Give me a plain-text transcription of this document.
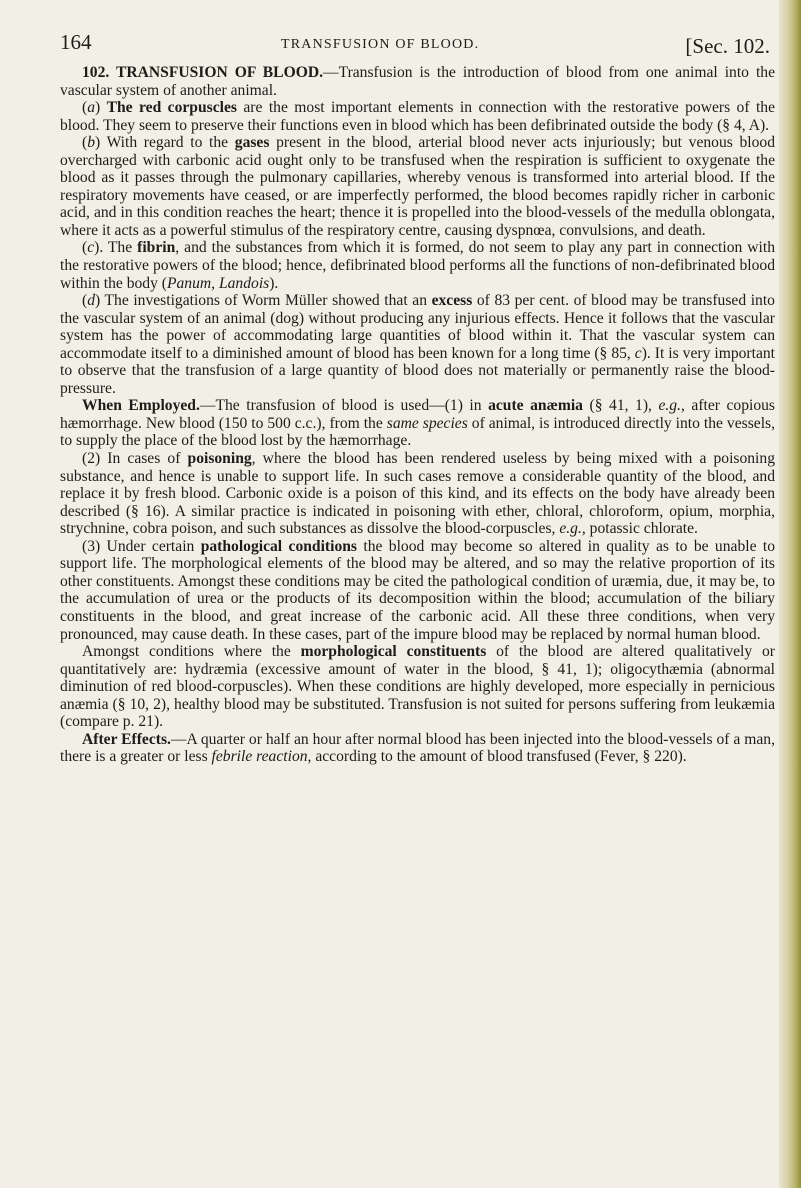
164	TRANSFUSION OF BLOOD.	[Sec. 102.

102. TRANSFUSION OF BLOOD.—Transfusion is the introduction of blood from one animal into the vascular system of another animal.

(a) The red corpuscles are the most important elements in connection with the restorative powers of the blood. They seem to preserve their functions even in blood which has been defibrinated outside the body (§ 4, A).

(b) With regard to the gases present in the blood, arterial blood never acts injuriously; but venous blood overcharged with carbonic acid ought only to be transfused when the respiration is sufficient to oxygenate the blood as it passes through the pulmonary capillaries, whereby venous is transformed into arterial blood. If the respiratory movements have ceased, or are imperfectly performed, the blood becomes rapidly richer in carbonic acid, and in this condition reaches the heart; thence it is propelled into the blood-vessels of the medulla oblongata, where it acts as a powerful stimulus of the respiratory centre, causing dyspnœa, convulsions, and death.

(c). The fibrin, and the substances from which it is formed, do not seem to play any part in connection with the restorative powers of the blood; hence, defibrinated blood performs all the functions of non-defibrinated blood within the body (Panum, Landois).

(d) The investigations of Worm Müller showed that an excess of 83 per cent. of blood may be transfused into the vascular system of an animal (dog) without producing any injurious effects. Hence it follows that the vascular system has the power of accommodating large quantities of blood within it. That the vascular system can accommodate itself to a diminished amount of blood has been known for a long time (§ 85, c). It is very important to observe that the transfusion of a large quantity of blood does not materially or permanently raise the blood-pressure.

When Employed.—The transfusion of blood is used—(1) in acute anæmia (§ 41, 1), e.g., after copious hæmorrhage. New blood (150 to 500 c.c.), from the same species of animal, is introduced directly into the vessels, to supply the place of the blood lost by the hæmorrhage.

(2) In cases of poisoning, where the blood has been rendered useless by being mixed with a poisoning substance, and hence is unable to support life. In such cases remove a considerable quantity of the blood, and replace it by fresh blood. Carbonic oxide is a poison of this kind, and its effects on the body have already been described (§ 16). A similar practice is indicated in poisoning with ether, chloral, chloroform, opium, morphia, strychnine, cobra poison, and such substances as dissolve the blood-corpuscles, e.g., potassic chlorate.

(3) Under certain pathological conditions the blood may become so altered in quality as to be unable to support life. The morphological elements of the blood may be altered, and so may the relative proportion of its other constituents. Amongst these conditions may be cited the pathological condition of uræmia, due, it may be, to the accumulation of urea or the products of its decomposition within the blood; accumulation of the biliary constituents in the blood, and great increase of the carbonic acid. All these three conditions, when very pronounced, may cause death. In these cases, part of the impure blood may be replaced by normal human blood.

Amongst conditions where the morphological constituents of the blood are altered qualitatively or quantitatively are: hydræmia (excessive amount of water in the blood, § 41, 1); oligocythæmia (abnormal diminution of red blood-corpuscles). When these conditions are highly developed, more especially in pernicious anæmia (§ 10, 2), healthy blood may be substituted. Transfusion is not suited for persons suffering from leukæmia (compare p. 21).

After Effects.—A quarter or half an hour after normal blood has been injected into the blood-vessels of a man, there is a greater or less febrile reaction, according to the amount of blood transfused (Fever, § 220).
